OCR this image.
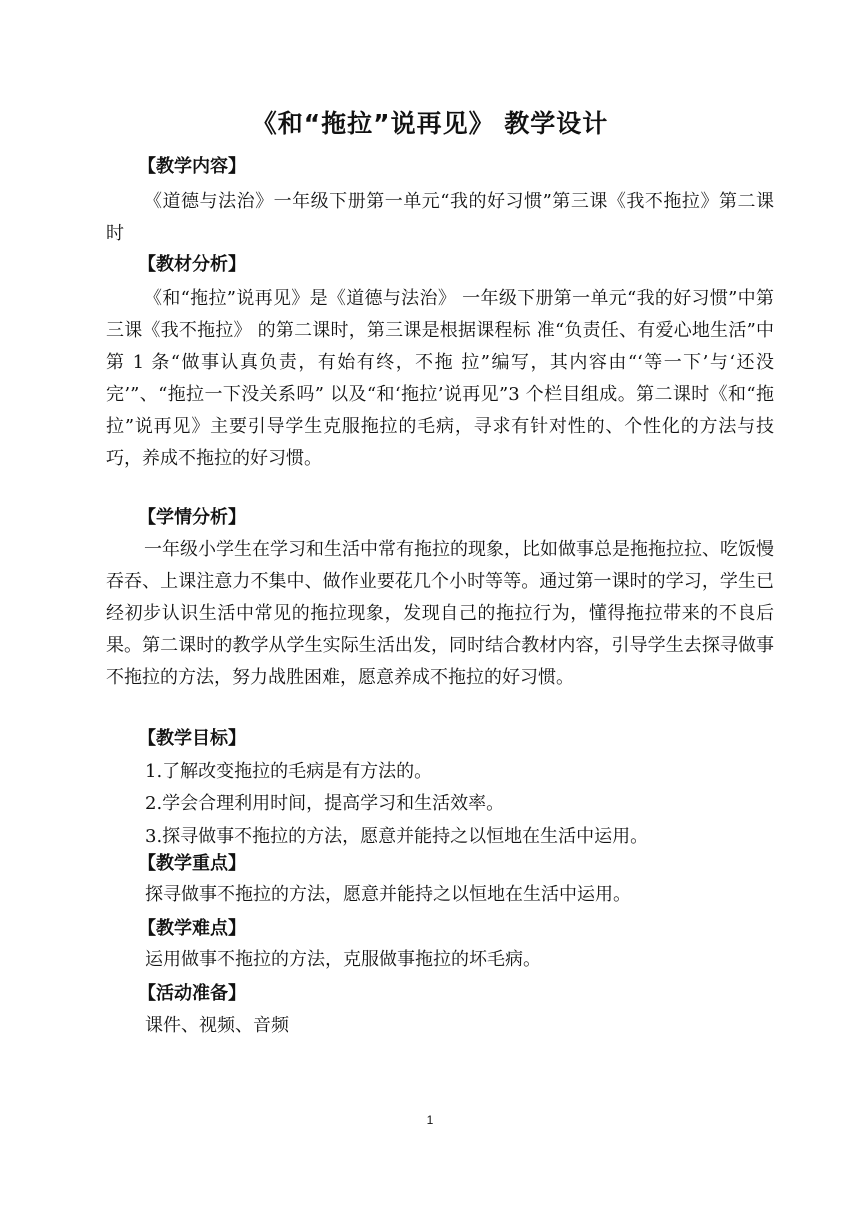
《和“拖拉”说再见》 教学设计
【教学内容】
《道德与法治》一年级下册第一单元“我的好习惯”第三课《我不拖拉》第二课时
【教材分析】
《和“拖拉”说再见》是《道德与法治》 一年级下册第一单元“我的好习惯”中第三课《我不拖拉》 的第二课时，第三课是根据课程标 准“负责任、有爱心地生活”中第 1 条“做事认真负责，有始有终，不拖 拉”编写，其内容由“‘等一下’与‘还没完’”、“拖拉一下没关系吗” 以及“和‘拖拉’说再见”3 个栏目组成。第二课时《和“拖拉”说再见》主要引导学生克服拖拉的毛病，寻求有针对性的、个性化的方法与技巧，养成不拖拉的好习惯。
【学情分析】
一年级小学生在学习和生活中常有拖拉的现象，比如做事总是拖拖拉拉、吃饭慢吞吞、上课注意力不集中、做作业要花几个小时等等。通过第一课时的学习，学生已经初步认识生活中常见的拖拉现象，发现自己的拖拉行为，懂得拖拉带来的不良后果。第二课时的教学从学生实际生活出发，同时结合教材内容，引导学生去探寻做事不拖拉的方法，努力战胜困难，愿意养成不拖拉的好习惯。
【教学目标】
1.了解改变拖拉的毛病是有方法的。
2.学会合理利用时间，提高学习和生活效率。
3.探寻做事不拖拉的方法，愿意并能持之以恒地在生活中运用。
【教学重点】
探寻做事不拖拉的方法，愿意并能持之以恒地在生活中运用。
【教学难点】
运用做事不拖拉的方法，克服做事拖拉的坏毛病。
【活动准备】
课件、视频、音频
1
